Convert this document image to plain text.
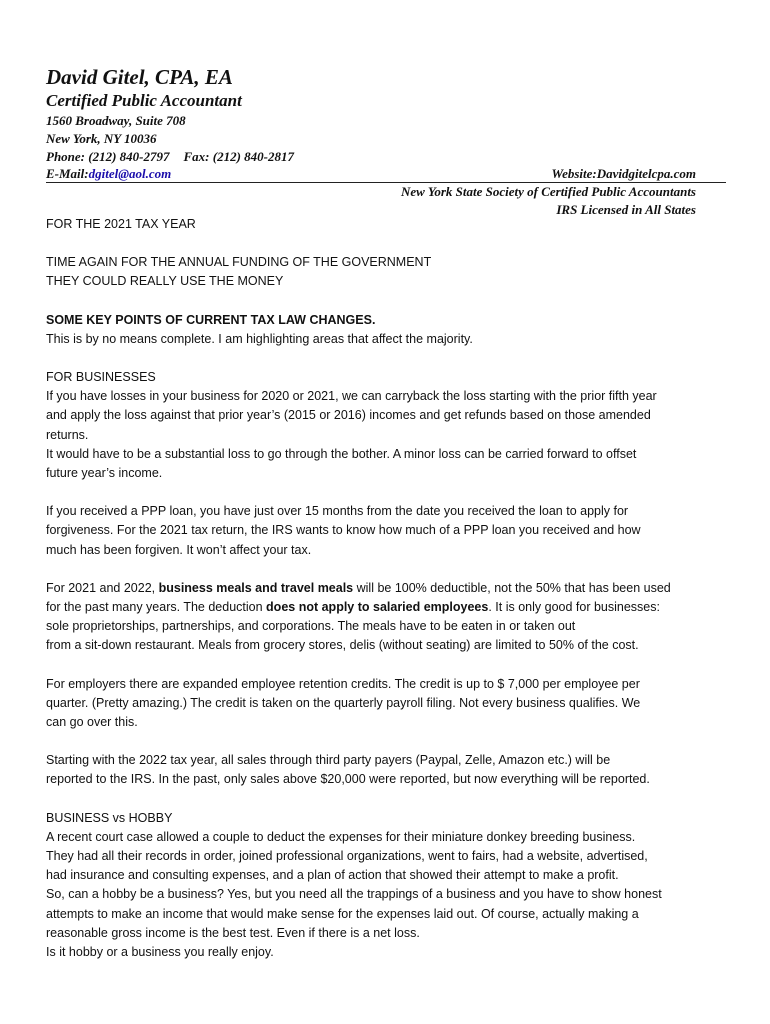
David Gitel, CPA, EA

Certified Public Accountant

1560 Broadway, Suite 708

New York, NY 10036

Phone: (212) 840-2797 Fax: (212) 840-2817

E-Mail:dgitel@aol.com	Website:Davidgitelcpa.com
New York State Society of Certified Public Accountants
IRS Licensed in All States

FOR THE 2021 TAX YEAR

TIME AGAIN FOR THE ANNUAL FUNDING OF THE GOVERNMENT

THEY COULD REALLY USE THE MONEY

SOME KEY POINTS OF CURRENT TAX LAW CHANGES.

This is by no means complete. I am highlighting areas that affect the majority.

FOR BUSINESSES

If you have losses in your business for 2020 or 2021, we can carryback the loss starting with the prior fifth year

and apply the loss against that prior year’s (2015 or 2016) incomes and get refunds based on those amended

returns.

It would have to be a substantial loss to go through the bother. A minor loss can be carried forward to offset

future year’s income.

If you received a PPP loan, you have just over 15 months from the date you received the loan to apply for

forgiveness. For the 2021 tax return, the IRS wants to know how much of a PPP loan you received and how

much has been forgiven. It won’t affect your tax.

For 2021 and 2022, business meals and travel meals will be 100% deductible, not the 50% that has been used

for the past many years. The deduction does not apply to salaried employees. It is only good for businesses:

sole proprietorships, partnerships, and corporations. The meals have to be eaten in or taken out

from a sit-down restaurant. Meals from grocery stores, delis (without seating) are limited to 50% of the cost.

For employers there are expanded employee retention credits. The credit is up to $ 7,000 per employee per

quarter. (Pretty amazing.) The credit is taken on the quarterly payroll filing. Not every business qualifies. We

can go over this.

Starting with the 2022 tax year, all sales through third party payers (Paypal, Zelle, Amazon etc.) will be

reported to the IRS. In the past, only sales above $20,000 were reported, but now everything will be reported.

BUSINESS vs HOBBY

A recent court case allowed a couple to deduct the expenses for their miniature donkey breeding business.

They had all their records in order, joined professional organizations, went to fairs, had a website, advertised,

had insurance and consulting expenses, and a plan of action that showed their attempt to make a profit.

So, can a hobby be a business? Yes, but you need all the trappings of a business and you have to show honest

attempts to make an income that would make sense for the expenses laid out. Of course, actually making a

reasonable gross income is the best test. Even if there is a net loss.

Is it hobby or a business you really enjoy.
